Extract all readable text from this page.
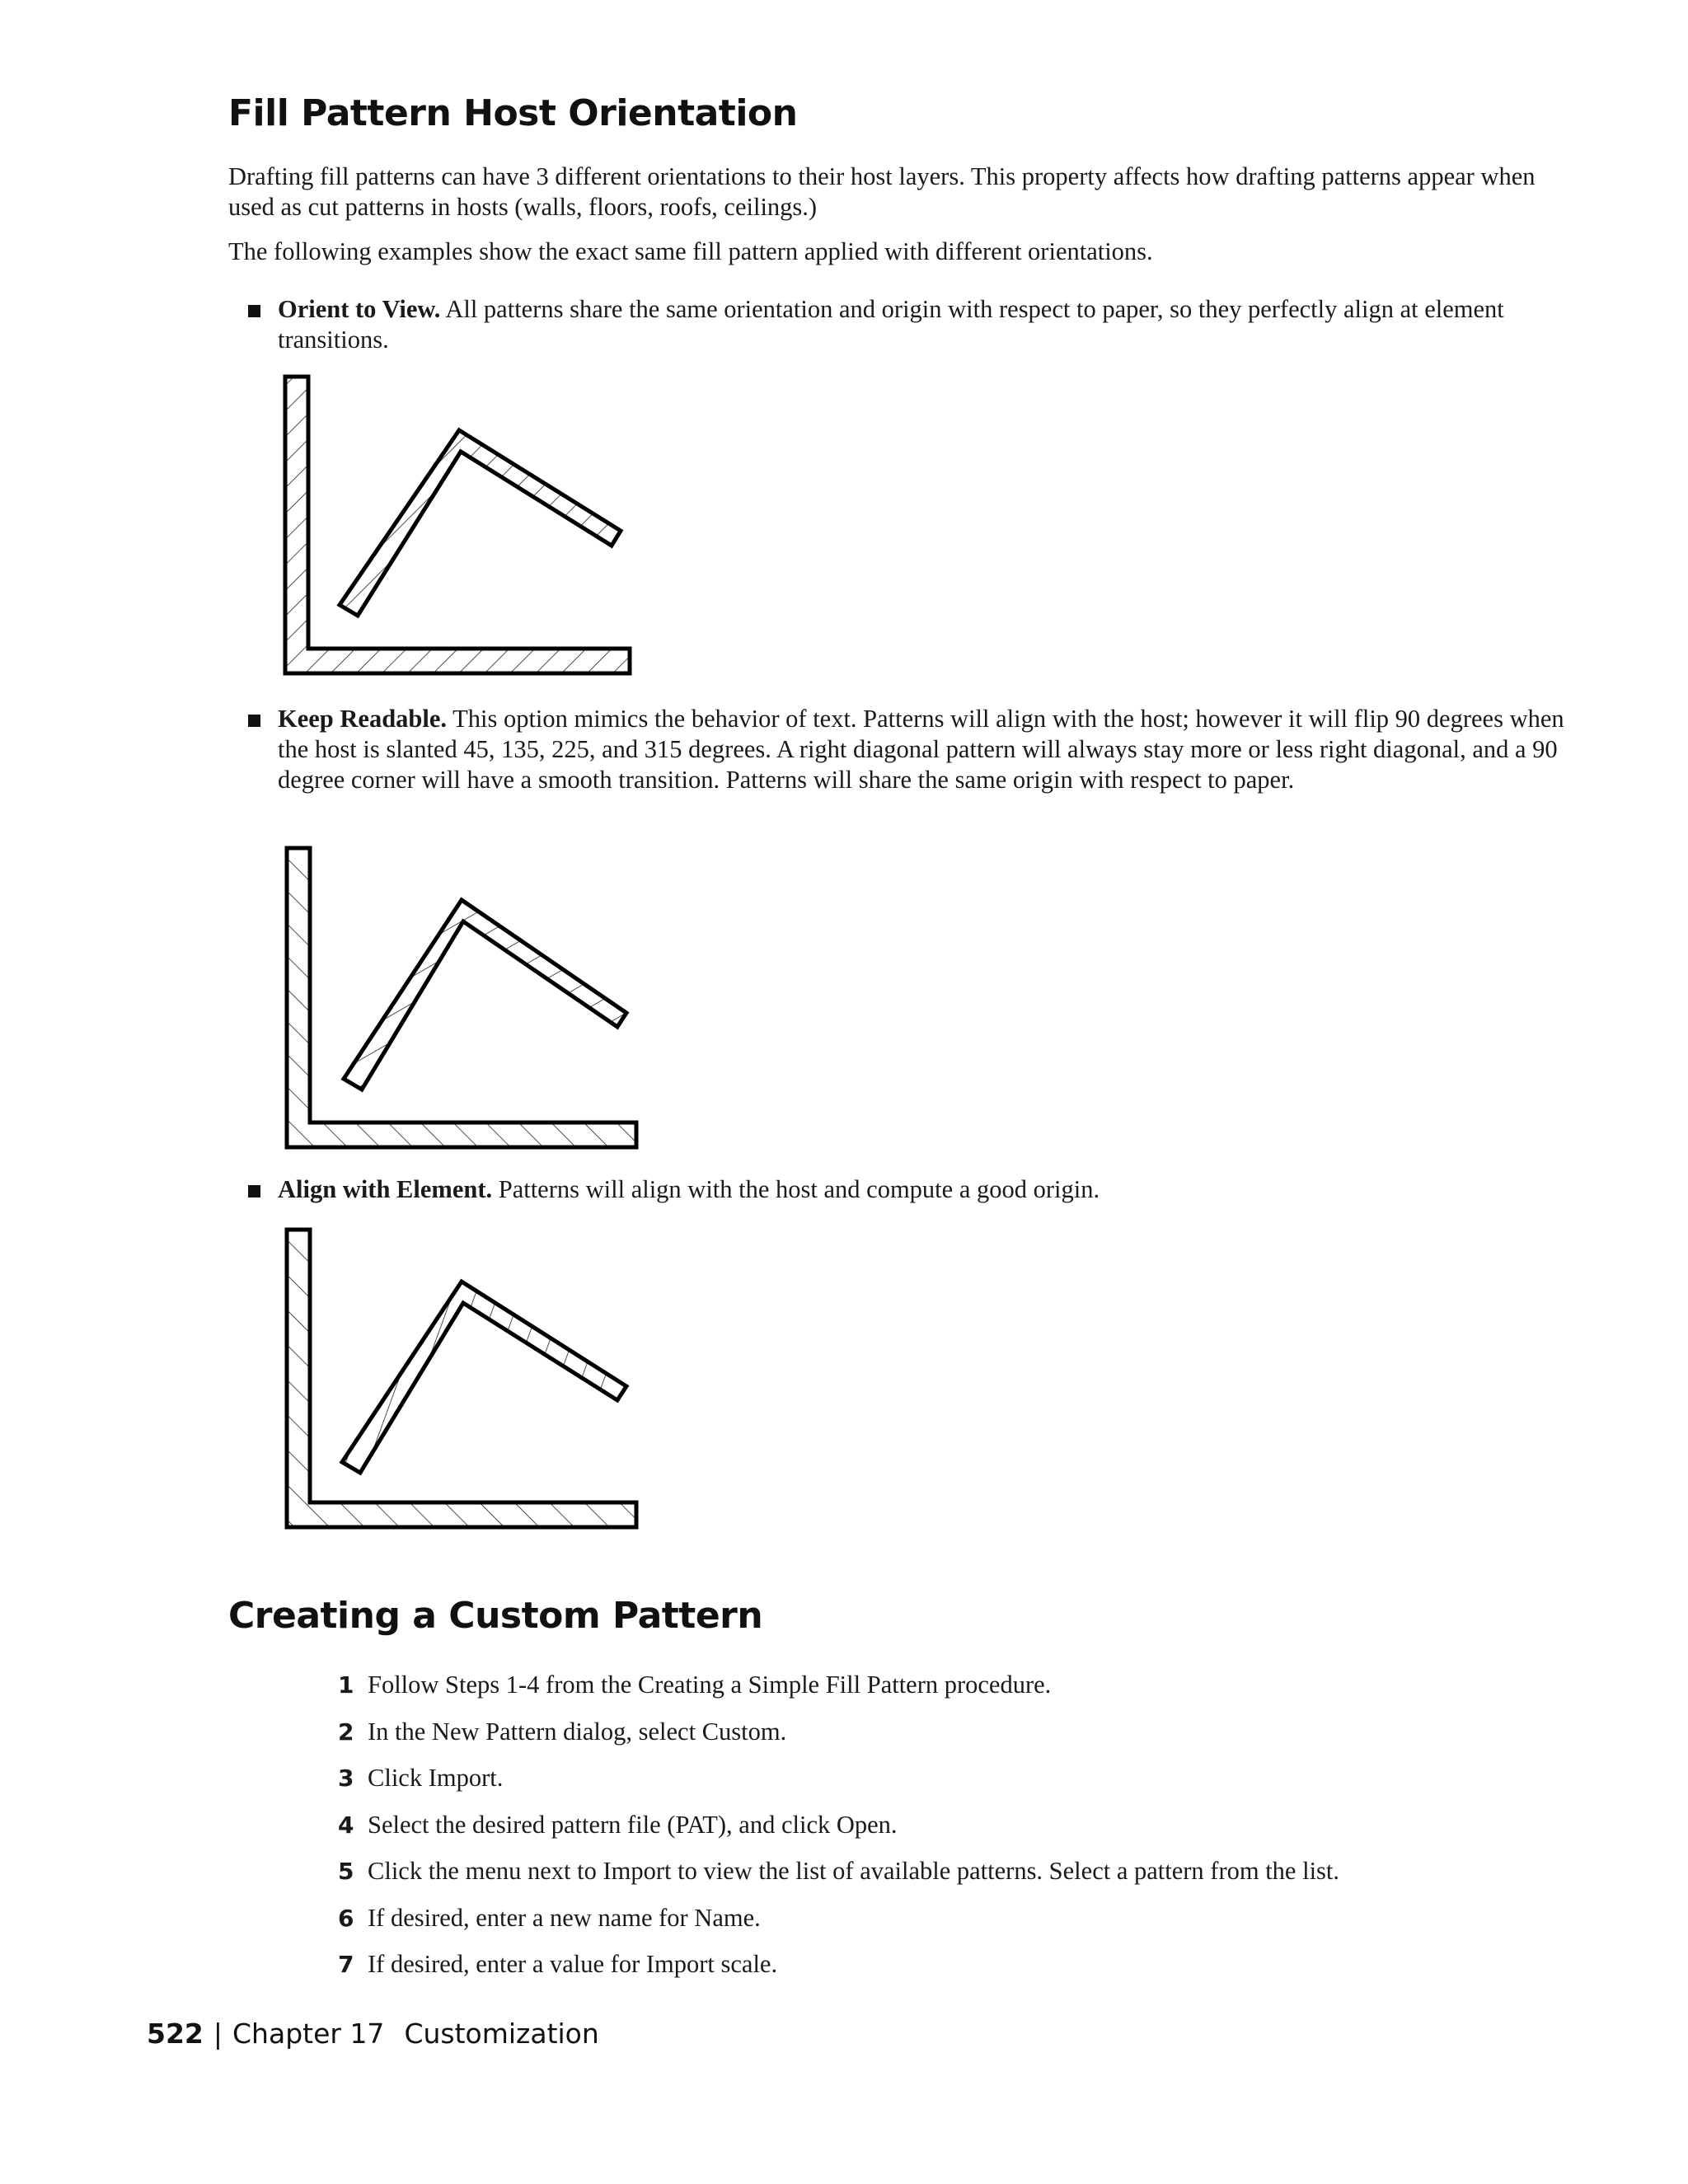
Fill Pattern Host Orientation

Drafting fill patterns can have 3 different orientations to their host layers. This property affects how drafting patterns appear when used as cut patterns in hosts (walls, floors, roofs, ceilings.)

The following examples show the exact same fill pattern applied with different orientations.

Orient to View. All patterns share the same orientation and origin with respect to paper, so they perfectly align at element transitions.

Keep Readable. This option mimics the behavior of text. Patterns will align with the host; however it will flip 90 degrees when the host is slanted 45, 135, 225, and 315 degrees. A right diagonal pattern will always stay more or less right diagonal, and a 90 degree corner will have a smooth transition. Patterns will share the same origin with respect to paper.

Align with Element. Patterns will align with the host and compute a good origin.

Creating a Custom Pattern
1 Follow Steps 1-4 from the Creating a Simple Fill Pattern procedure.
2 In the New Pattern dialog, select Custom.
3 Click Import.
4 Select the desired pattern file (PAT), and click Open.
5 Click the menu next to Import to view the list of available patterns. Select a pattern from the list.
6 If desired, enter a new name for Name.
7 If desired, enter a value for Import scale.
522 | Chapter 17 Customization
